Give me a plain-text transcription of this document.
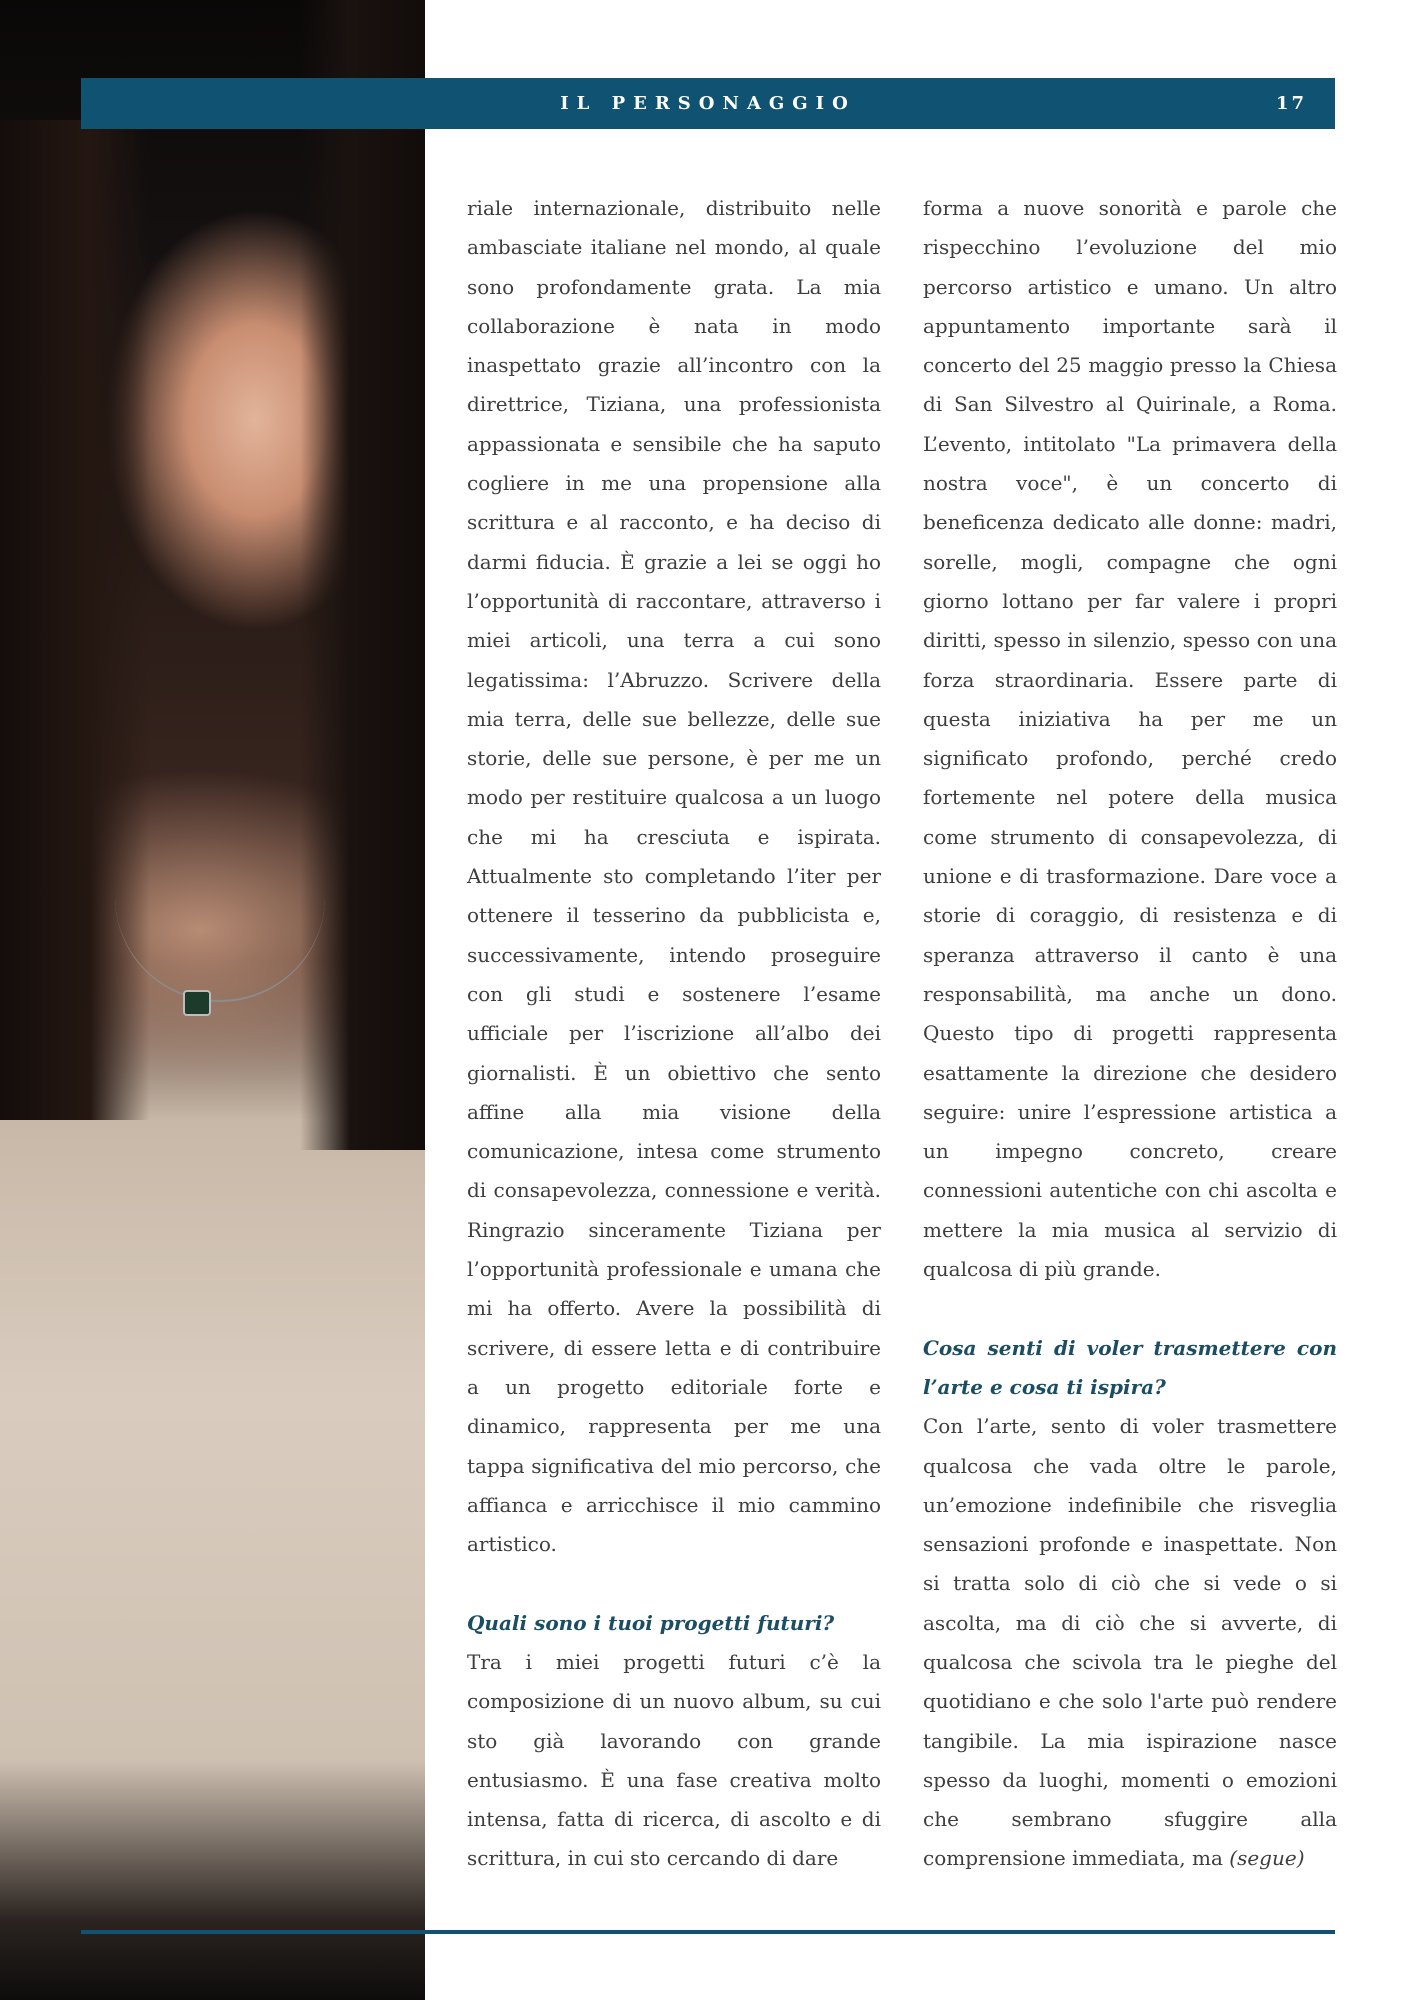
IL PERSONAGGIO	17

riale internazionale, distribuito nelle ambasciate italiane nel mondo, al quale sono profondamente grata. La mia collaborazione è nata in modo inaspettato grazie all’incontro con la direttrice, Tiziana, una professionista appassionata e sensibile che ha saputo cogliere in me una propensione alla scrittura e al racconto, e ha deciso di darmi fiducia. È grazie a lei se oggi ho l’opportunità di raccontare, attraverso i miei articoli, una terra a cui sono legatissima: l’Abruzzo. Scrivere della mia terra, delle sue bellezze, delle sue storie, delle sue persone, è per me un modo per restituire qualcosa a un luogo che mi ha cresciuta e ispirata. Attualmente sto completando l’iter per ottenere il tesserino da pubblicista e, successivamente, intendo proseguire con gli studi e sostenere l’esame ufficiale per l’iscrizione all’albo dei giornalisti. È un obiettivo che sento affine alla mia visione della comunicazione, intesa come strumento di consapevolezza, connessione e verità. Ringrazio sinceramente Tiziana per l’opportunità professionale e umana che mi ha offerto. Avere la possibilità di scrivere, di essere letta e di contribuire a un progetto editoriale forte e dinamico, rappresenta per me una tappa significativa del mio percorso, che affianca e arricchisce il mio cammino artistico.

Quali sono i tuoi progetti futuri?

Tra i miei progetti futuri c’è la composizione di un nuovo album, su cui sto già lavorando con grande entusiasmo. È una fase creativa molto intensa, fatta di ricerca, di ascolto e di scrittura, in cui sto cercando di dare

forma a nuove sonorità e parole che rispecchino l’evoluzione del mio percorso artistico e umano. Un altro appuntamento importante sarà il concerto del 25 maggio presso la Chiesa di San Silvestro al Quirinale, a Roma. L’evento, intitolato "La primavera della nostra voce", è un concerto di beneficenza dedicato alle donne: madri, sorelle, mogli, compagne che ogni giorno lottano per far valere i propri diritti, spesso in silenzio, spesso con una forza straordinaria. Essere parte di questa iniziativa ha per me un significato profondo, perché credo fortemente nel potere della musica come strumento di consapevolezza, di unione e di trasformazione. Dare voce a storie di coraggio, di resistenza e di speranza attraverso il canto è una responsabilità, ma anche un dono. Questo tipo di progetti rappresenta esattamente la direzione che desidero seguire: unire l’espressione artistica a un impegno concreto, creare connessioni autentiche con chi ascolta e mettere la mia musica al servizio di qualcosa di più grande.

Cosa senti di voler trasmettere con l’arte e cosa ti ispira?

Con l’arte, sento di voler trasmettere qualcosa che vada oltre le parole, un’emozione indefinibile che risveglia sensazioni profonde e inaspettate. Non si tratta solo di ciò che si vede o si ascolta, ma di ciò che si avverte, di qualcosa che scivola tra le pieghe del quotidiano e che solo l'arte può rendere tangibile. La mia ispirazione nasce spesso da luoghi, momenti o emozioni che sembrano sfuggire alla comprensione immediata, ma (segue)
